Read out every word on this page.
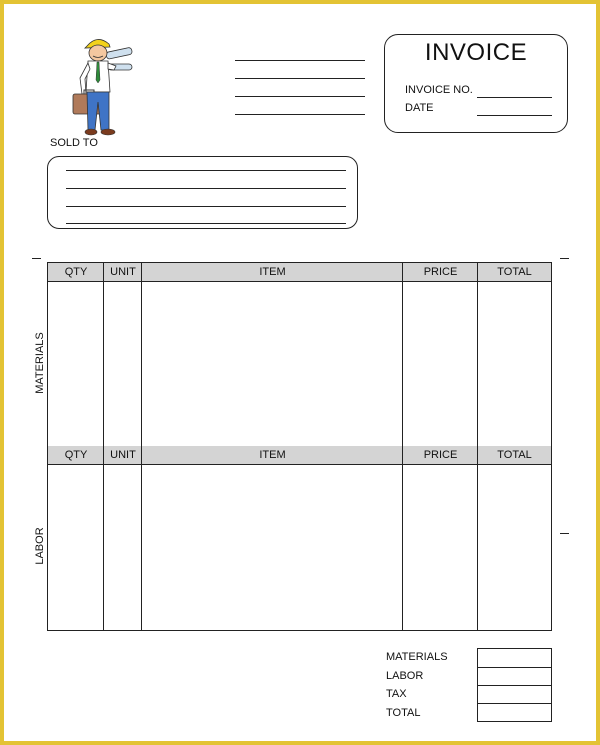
INVOICE
INVOICE NO.
DATE
SOLD TO
MATERIALS
LABOR
QTY	UNIT	ITEM	PRICE	TOTAL
QTY	UNIT	ITEM	PRICE	TOTAL
MATERIALS
LABOR
TAX
TOTAL
